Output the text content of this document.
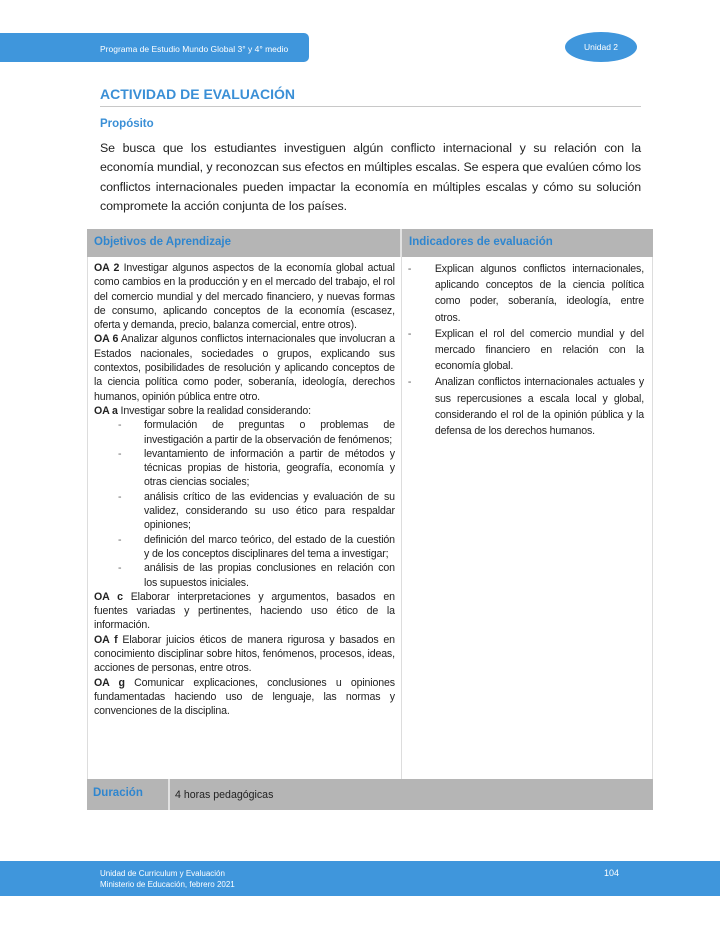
Programa de Estudio Mundo Global 3° y 4° medio	Unidad 2
ACTIVIDAD DE EVALUACIÓN
Propósito
Se busca que los estudiantes investiguen algún conflicto internacional y su relación con la economía mundial, y reconozcan sus efectos en múltiples escalas. Se espera que evalúen cómo los conflictos internacionales pueden impactar la economía en múltiples escalas y cómo su solución compromete la acción conjunta de los países.
Objetivos de Aprendizaje	Indicadores de evaluación
OA 2 Investigar algunos aspectos de la economía global actual como cambios en la producción y en el mercado del trabajo, el rol del comercio mundial y del mercado financiero, y nuevas formas de consumo, aplicando conceptos de la economía (escasez, oferta y demanda, precio, balanza comercial, entre otros).
OA 6 Analizar algunos conflictos internacionales que involucran a Estados nacionales, sociedades o grupos, explicando sus contextos, posibilidades de resolución y aplicando conceptos de la ciencia política como poder, soberanía, ideología, derechos humanos, opinión pública entre otro.
OA a Investigar sobre la realidad considerando:
-	formulación de preguntas o problemas de investigación a partir de la observación de fenómenos;
-	levantamiento de información a partir de métodos y técnicas propias de historia, geografía, economía y otras ciencias sociales;
-	análisis crítico de las evidencias y evaluación de su validez, considerando su uso ético para respaldar opiniones;
-	definición del marco teórico, del estado de la cuestión y de los conceptos disciplinares del tema a investigar;
-	análisis de las propias conclusiones en relación con los supuestos iniciales.
OA c Elaborar interpretaciones y argumentos, basados en fuentes variadas y pertinentes, haciendo uso ético de la información.
OA f Elaborar juicios éticos de manera rigurosa y basados en conocimiento disciplinar sobre hitos, fenómenos, procesos, ideas, acciones de personas, entre otros.
OA g Comunicar explicaciones, conclusiones u opiniones fundamentadas haciendo uso de lenguaje, las normas y convenciones de la disciplina.
-	Explican algunos conflictos internacionales, aplicando conceptos de la ciencia política como poder, soberanía, ideología, entre otros.
-	Explican el rol del comercio mundial y del mercado financiero en relación con la economía global.
-	Analizan conflictos internacionales actuales y sus repercusiones a escala local y global, considerando el rol de la opinión pública y la defensa de los derechos humanos.
Duración	4 horas pedagógicas
Unidad de Curriculum y Evaluación
Ministerio de Educación, febrero 2021
104
